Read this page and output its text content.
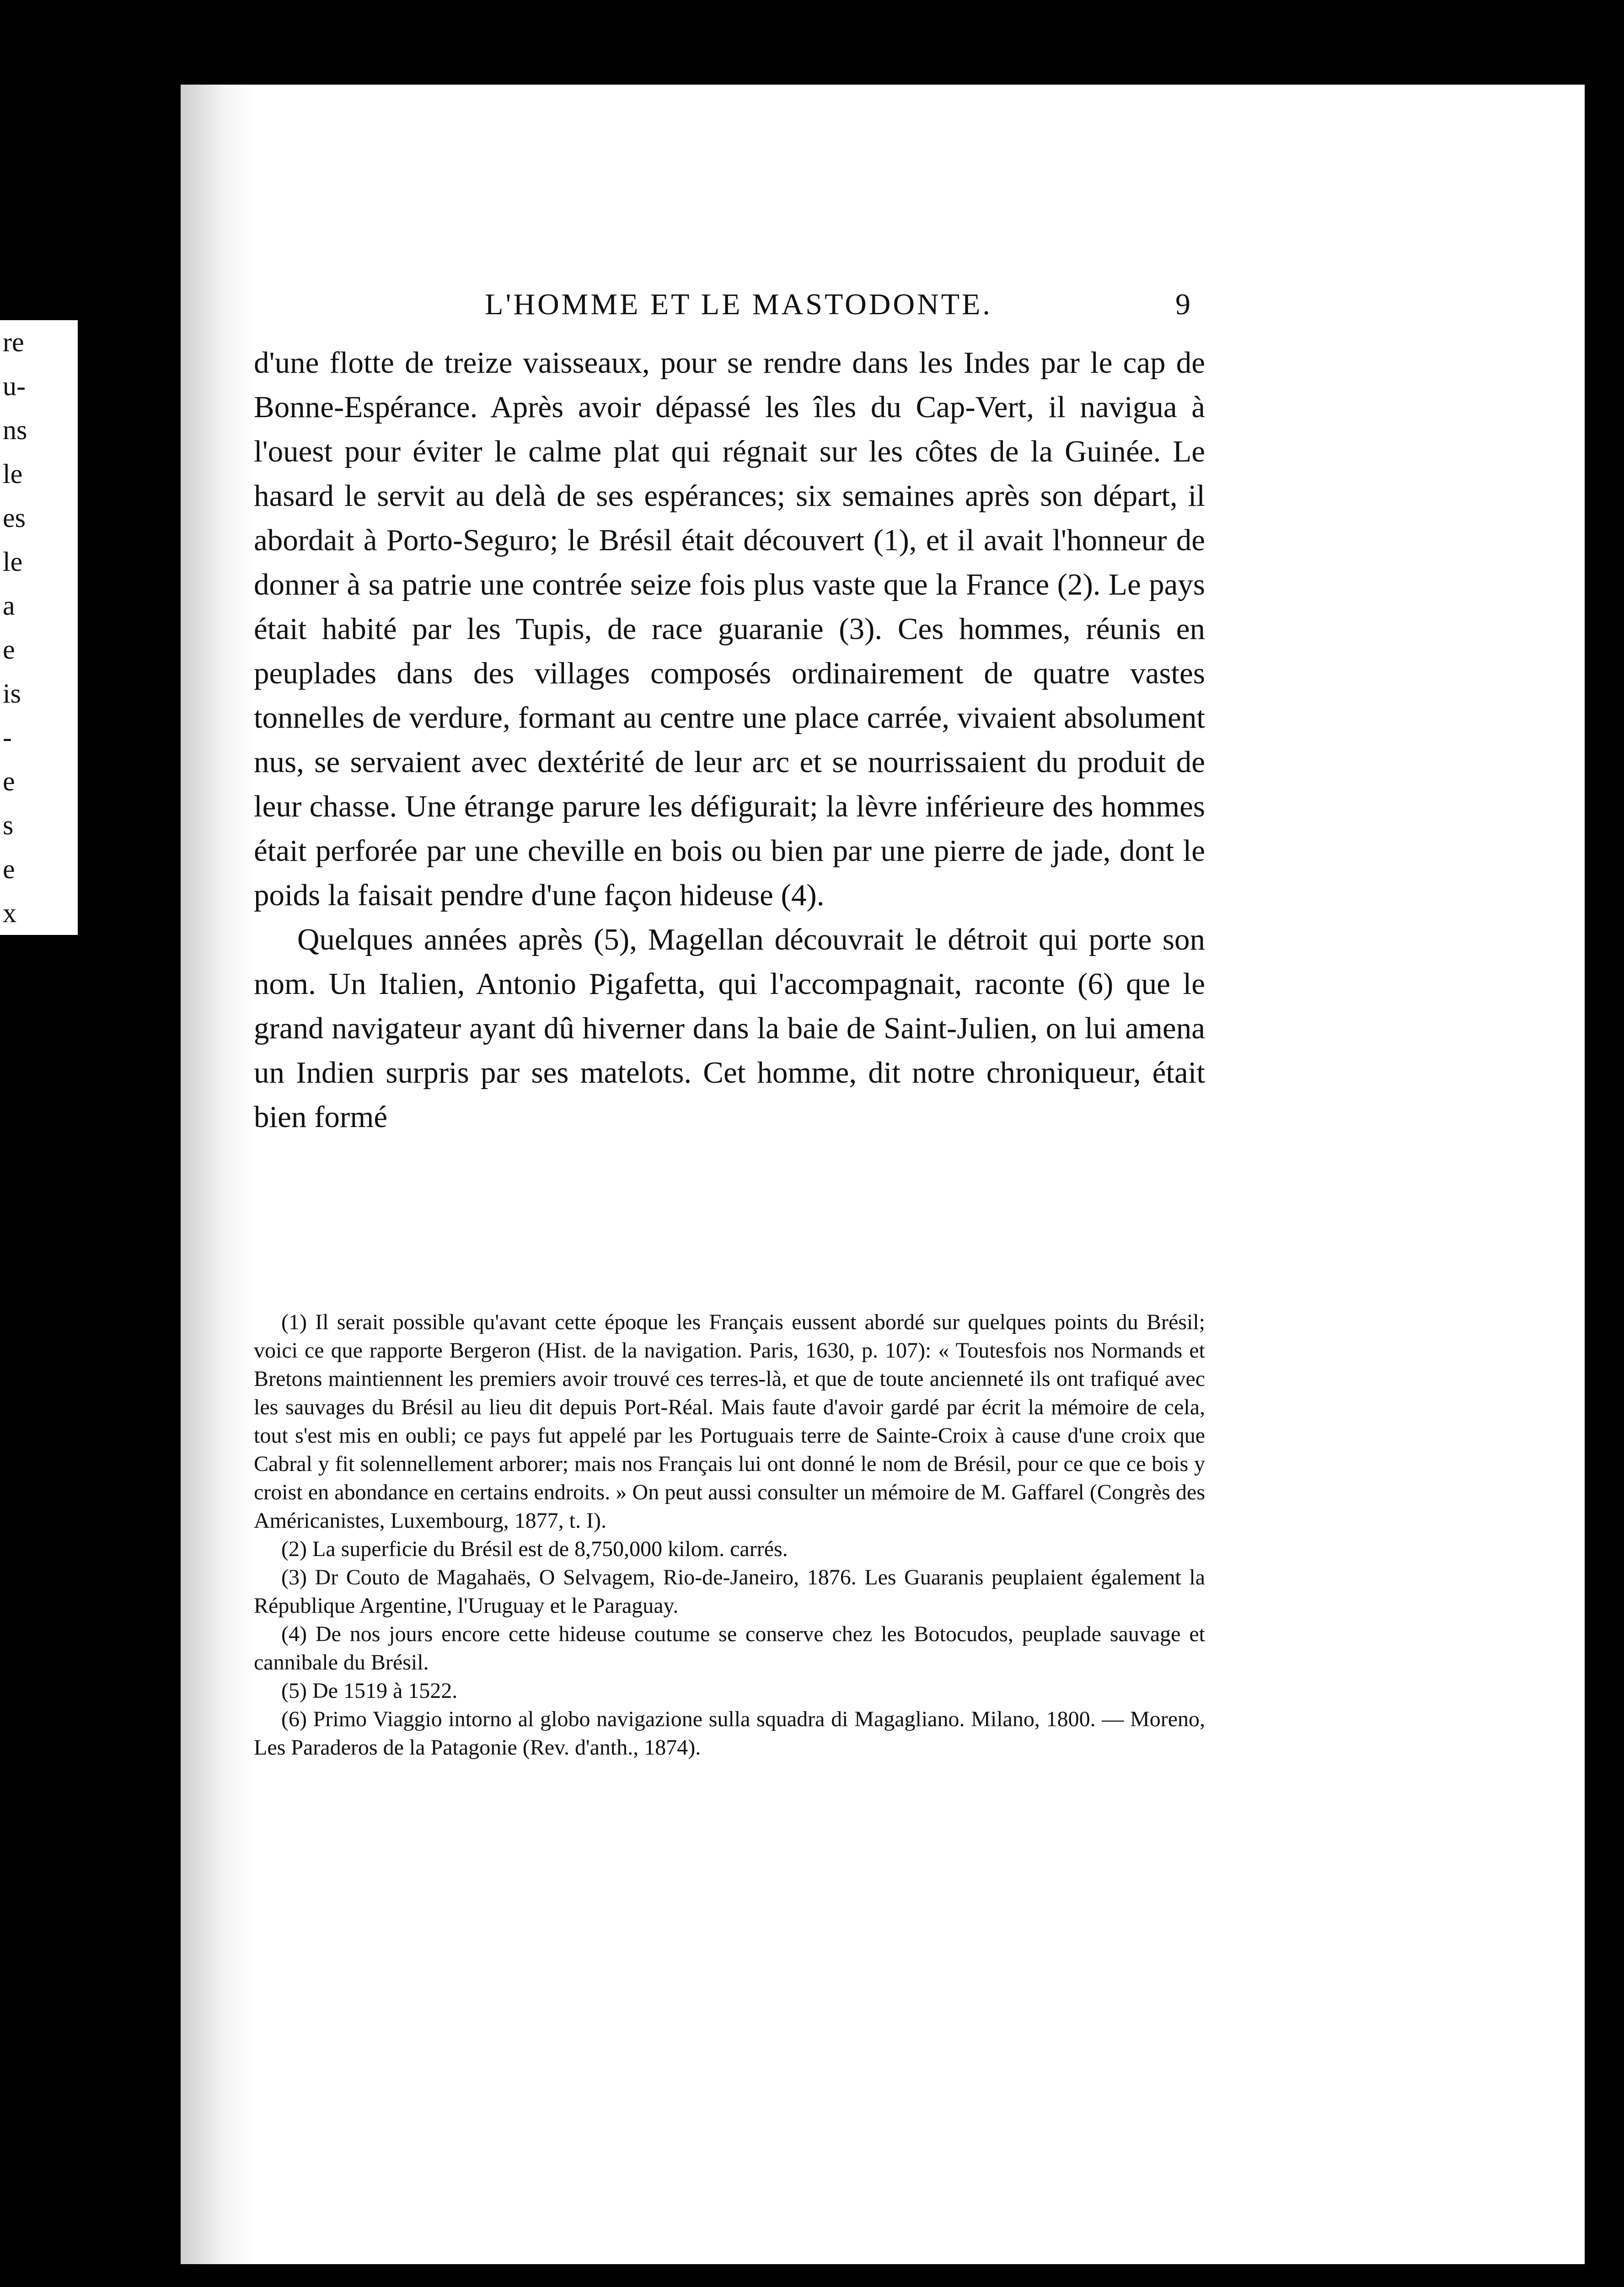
re
u-
ns
le
es
le
a
e
is
-
e
s
e
x
L'HOMME ET LE MASTODONTE.	9

d'une flotte de treize vaisseaux, pour se rendre dans les Indes par le cap de Bonne-Espérance. Après avoir dépassé les îles du Cap-Vert, il navigua à l'ouest pour éviter le calme plat qui régnait sur les côtes de la Guinée. Le hasard le servit au delà de ses espérances; six semaines après son départ, il abordait à Porto-Seguro; le Brésil était découvert (1), et il avait l'honneur de donner à sa patrie une contrée seize fois plus vaste que la France (2). Le pays était habité par les Tupis, de race guaranie (3). Ces hommes, réunis en peuplades dans des villages composés ordinairement de quatre vastes tonnelles de verdure, formant au centre une place carrée, vivaient absolument nus, se servaient avec dextérité de leur arc et se nourrissaient du produit de leur chasse. Une étrange parure les défigurait; la lèvre inférieure des hommes était perforée par une cheville en bois ou bien par une pierre de jade, dont le poids la faisait pendre d'une façon hideuse (4).

Quelques années après (5), Magellan découvrait le détroit qui porte son nom. Un Italien, Antonio Pigafetta, qui l'accompagnait, raconte (6) que le grand navigateur ayant dû hiverner dans la baie de Saint-Julien, on lui amena un Indien surpris par ses matelots. Cet homme, dit notre chroniqueur, était bien formé

(1) Il serait possible qu'avant cette époque les Français eussent abordé sur quelques points du Brésil; voici ce que rapporte Bergeron (Hist. de la navigation. Paris, 1630, p. 107): « Toutesfois nos Normands et Bretons maintiennent les premiers avoir trouvé ces terres-là, et que de toute ancienneté ils ont trafiqué avec les sauvages du Brésil au lieu dit depuis Port-Réal. Mais faute d'avoir gardé par écrit la mémoire de cela, tout s'est mis en oubli; ce pays fut appelé par les Portuguais terre de Sainte-Croix à cause d'une croix que Cabral y fit solennellement arborer; mais nos Français lui ont donné le nom de Brésil, pour ce que ce bois y croist en abondance en certains endroits. » On peut aussi consulter un mémoire de M. Gaffarel (Congrès des Américanistes, Luxembourg, 1877, t. I).

(2) La superficie du Brésil est de 8,750,000 kilom. carrés.

(3) Dr Couto de Magahaës, O Selvagem, Rio-de-Janeiro, 1876. Les Guaranis peuplaient également la République Argentine, l'Uruguay et le Paraguay.

(4) De nos jours encore cette hideuse coutume se conserve chez les Botocudos, peuplade sauvage et cannibale du Brésil.

(5) De 1519 à 1522.

(6) Primo Viaggio intorno al globo navigazione sulla squadra di Magagliano. Milano, 1800. — Moreno, Les Paraderos de la Patagonie (Rev. d'anth., 1874).
